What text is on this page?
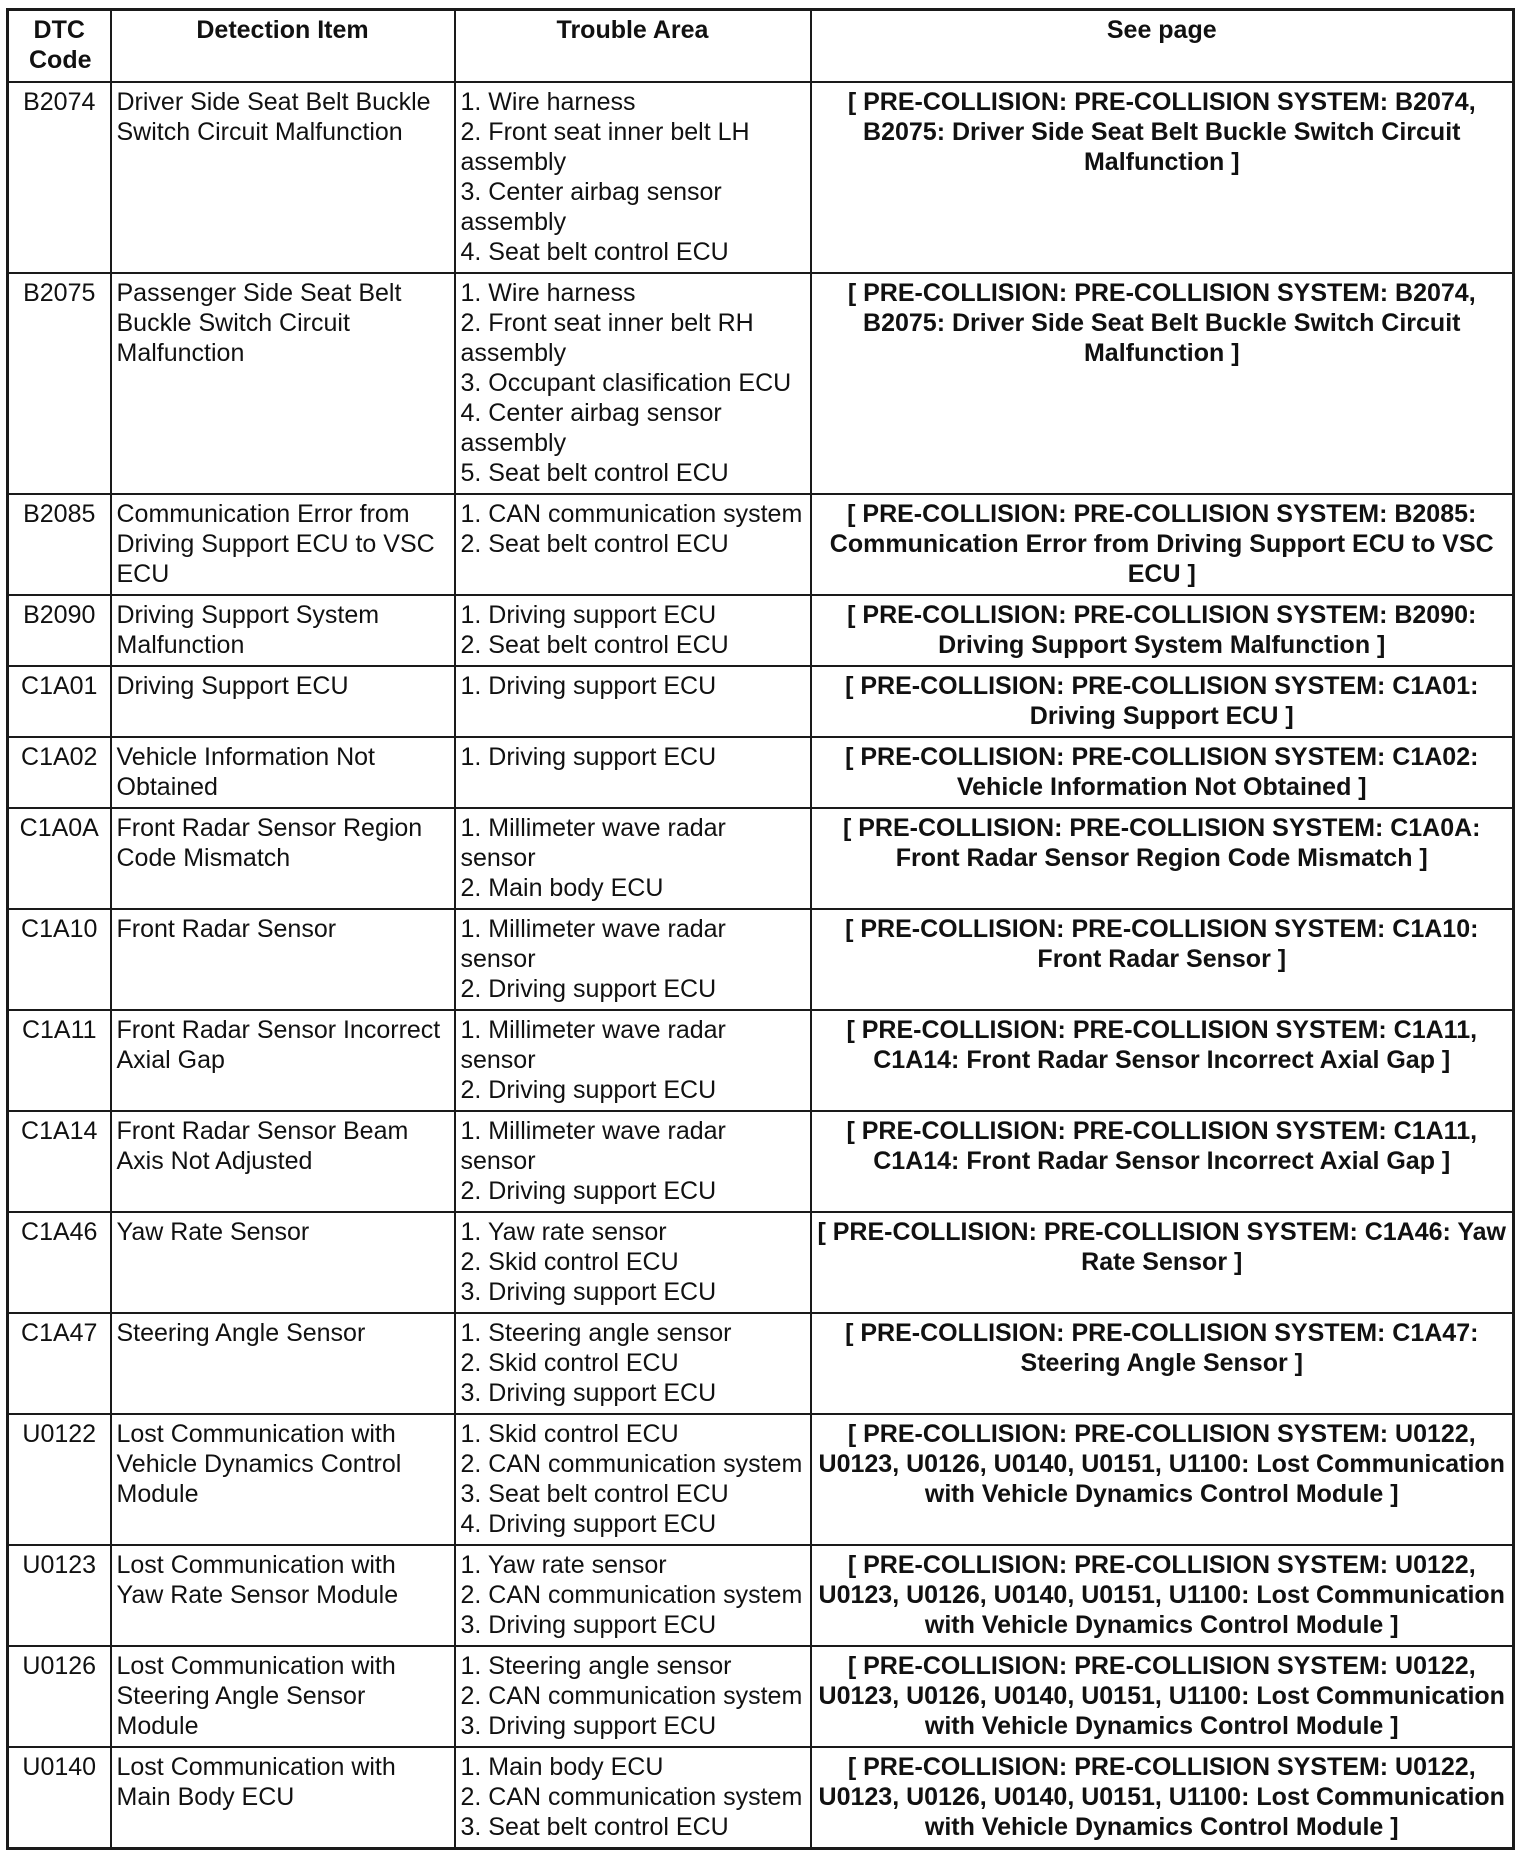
DTC Code	Detection Item	Trouble Area	See page
B2074	Driver Side Seat Belt Buckle Switch Circuit Malfunction	1. Wire harness
2. Front seat inner belt LH assembly
3. Center airbag sensor assembly
4. Seat belt control ECU	[ PRE-COLLISION: PRE-COLLISION SYSTEM: B2074, B2075: Driver Side Seat Belt Buckle Switch Circuit Malfunction ]
B2075	Passenger Side Seat Belt Buckle Switch Circuit Malfunction	1. Wire harness
2. Front seat inner belt RH assembly
3. Occupant clasification ECU
4. Center airbag sensor assembly
5. Seat belt control ECU	[ PRE-COLLISION: PRE-COLLISION SYSTEM: B2074, B2075: Driver Side Seat Belt Buckle Switch Circuit Malfunction ]
B2085	Communication Error from Driving Support ECU to VSC ECU	1. CAN communication system
2. Seat belt control ECU	[ PRE-COLLISION: PRE-COLLISION SYSTEM: B2085: Communication Error from Driving Support ECU to VSC ECU ]
B2090	Driving Support System Malfunction	1. Driving support ECU
2. Seat belt control ECU	[ PRE-COLLISION: PRE-COLLISION SYSTEM: B2090: Driving Support System Malfunction ]
C1A01	Driving Support ECU	1. Driving support ECU	[ PRE-COLLISION: PRE-COLLISION SYSTEM: C1A01: Driving Support ECU ]
C1A02	Vehicle Information Not Obtained	1. Driving support ECU	[ PRE-COLLISION: PRE-COLLISION SYSTEM: C1A02: Vehicle Information Not Obtained ]
C1A0A	Front Radar Sensor Region Code Mismatch	1. Millimeter wave radar sensor
2. Main body ECU	[ PRE-COLLISION: PRE-COLLISION SYSTEM: C1A0A: Front Radar Sensor Region Code Mismatch ]
C1A10	Front Radar Sensor	1. Millimeter wave radar sensor
2. Driving support ECU	[ PRE-COLLISION: PRE-COLLISION SYSTEM: C1A10: Front Radar Sensor ]
C1A11	Front Radar Sensor Incorrect Axial Gap	1. Millimeter wave radar sensor
2. Driving support ECU	[ PRE-COLLISION: PRE-COLLISION SYSTEM: C1A11, C1A14: Front Radar Sensor Incorrect Axial Gap ]
C1A14	Front Radar Sensor Beam Axis Not Adjusted	1. Millimeter wave radar sensor
2. Driving support ECU	[ PRE-COLLISION: PRE-COLLISION SYSTEM: C1A11, C1A14: Front Radar Sensor Incorrect Axial Gap ]
C1A46	Yaw Rate Sensor	1. Yaw rate sensor
2. Skid control ECU
3. Driving support ECU	[ PRE-COLLISION: PRE-COLLISION SYSTEM: C1A46: Yaw Rate Sensor ]
C1A47	Steering Angle Sensor	1. Steering angle sensor
2. Skid control ECU
3. Driving support ECU	[ PRE-COLLISION: PRE-COLLISION SYSTEM: C1A47: Steering Angle Sensor ]
U0122	Lost Communication with Vehicle Dynamics Control Module	1. Skid control ECU
2. CAN communication system
3. Seat belt control ECU
4. Driving support ECU	[ PRE-COLLISION: PRE-COLLISION SYSTEM: U0122, U0123, U0126, U0140, U0151, U1100: Lost Communication with Vehicle Dynamics Control Module ]
U0123	Lost Communication with Yaw Rate Sensor Module	1. Yaw rate sensor
2. CAN communication system
3. Driving support ECU	[ PRE-COLLISION: PRE-COLLISION SYSTEM: U0122, U0123, U0126, U0140, U0151, U1100: Lost Communication with Vehicle Dynamics Control Module ]
U0126	Lost Communication with Steering Angle Sensor Module	1. Steering angle sensor
2. CAN communication system
3. Driving support ECU	[ PRE-COLLISION: PRE-COLLISION SYSTEM: U0122, U0123, U0126, U0140, U0151, U1100: Lost Communication with Vehicle Dynamics Control Module ]
U0140	Lost Communication with Main Body ECU	1. Main body ECU
2. CAN communication system
3. Seat belt control ECU	[ PRE-COLLISION: PRE-COLLISION SYSTEM: U0122, U0123, U0126, U0140, U0151, U1100: Lost Communication with Vehicle Dynamics Control Module ]
